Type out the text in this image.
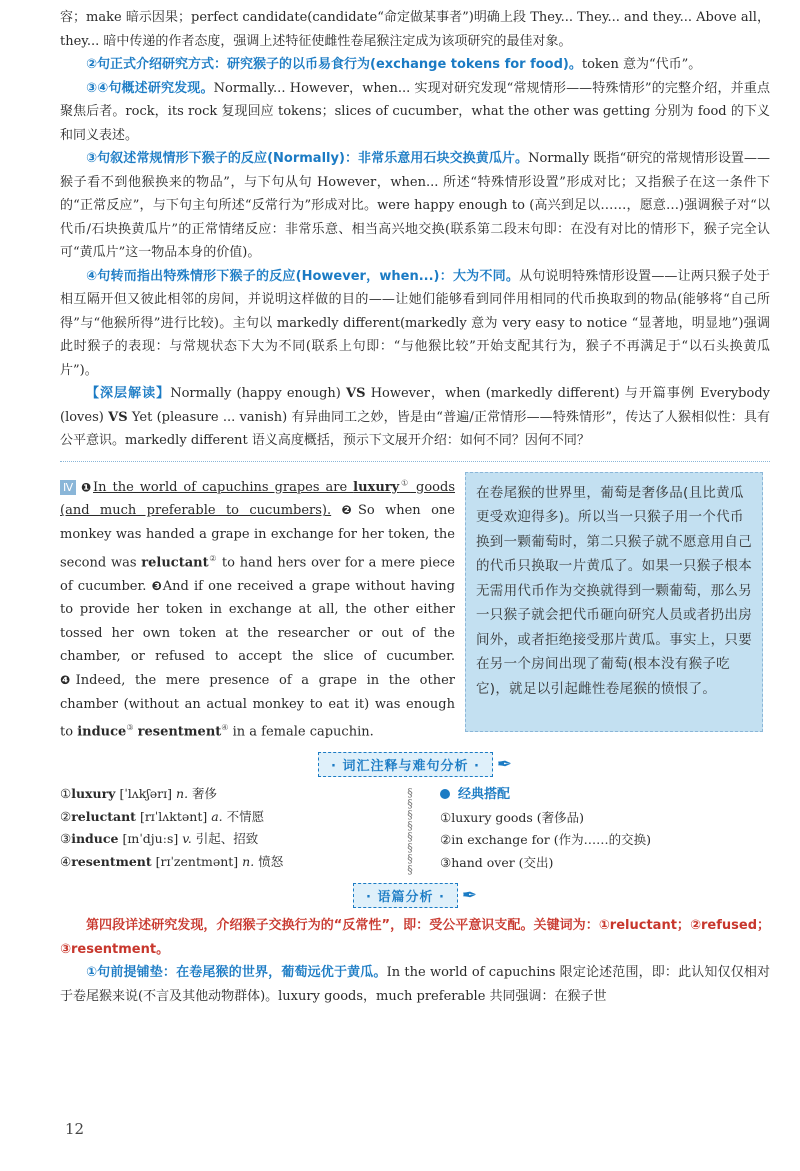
容；make 暗示因果；perfect candidate(candidate“命定做某事者”)明确上段 They... They... and they... Above all，they... 暗中传递的作者态度，强调上述特征使雌性卷尾猴注定成为该项研究的最佳对象。

②句正式介绍研究方式：研究猴子的以币易食行为(exchange tokens for food)。token 意为“代币”。

③④句概述研究发现。Normally... However，when... 实现对研究发现“常规情形——特殊情形”的完整介绍，并重点聚焦后者。rock，its rock 复现回应 tokens；slices of cucumber，what the other was getting 分别为 food 的下义和同义表述。

③句叙述常规情形下猴子的反应(Normally)：非常乐意用石块交换黄瓜片。Normally 既指“研究的常规情形设置——猴子看不到他猴换来的物品”，与下句从句 However，when... 所述“特殊情形设置”形成对比；又指猴子在这一条件下的“正常反应”，与下句主句所述“反常行为”形成对比。were happy enough to (高兴到足以……，愿意…)强调猴子对“以代币/石块换黄瓜片”的正常情绪反应：非常乐意、相当高兴地交换(联系第二段末句即：在没有对比的情形下，猴子完全认可“黄瓜片”这一物品本身的价值)。

④句转而指出特殊情形下猴子的反应(However，when...)：大为不同。从句说明特殊情形设置——让两只猴子处于相互隔开但又彼此相邻的房间，并说明这样做的目的——让她们能够看到同伴用相同的代币换取到的物品(能够将“自己所得”与“他猴所得”进行比较)。主句以 markedly different(markedly 意为 very easy to notice “显著地，明显地”)强调此时猴子的表现：与常规状态下大为不同(联系上句即：“与他猴比较”开始支配其行为，猴子不再满足于“以石头换黄瓜片”)。

【深层解读】Normally (happy enough) VS However，when (markedly different) 与开篇事例 Everybody (loves) VS Yet (pleasure ... vanish) 有异曲同工之妙，皆是由“普遍/正常情形——特殊情形”，传达了人猴相似性：具有公平意识。markedly different 语义高度概括，预示下文展开介绍：如何不同？因何不同？

Ⅳ ❶In the world of capuchins grapes are luxury① goods (and much preferable to cucumbers). ❷So when one monkey was handed a grape in exchange for her token, the second was reluctant② to hand hers over for a mere piece of cucumber. ❸And if one received a grape without having to provide her token in exchange at all, the other either tossed her own token at the researcher or out of the chamber, or refused to accept the slice of cucumber. ❹Indeed, the mere presence of a grape in the other chamber (without an actual monkey to eat it) was enough to induce③ resentment④ in a female capuchin.
在卷尾猴的世界里，葡萄是奢侈品(且比黄瓜更受欢迎得多)。所以当一只猴子用一个代币换到一颗葡萄时，第二只猴子就不愿意用自己的代币只换取一片黄瓜了。如果一只猴子根本无需用代币作为交换就得到一颗葡萄，那么另一只猴子就会把代币砸向研究人员或者扔出房间外，或者拒绝接受那片黄瓜。事实上，只要在另一个房间出现了葡萄(根本没有猴子吃它)，就足以引起雌性卷尾猴的愤恨了。
· 词汇注释与难句分析 · ✒
①luxury [ˈlʌkʃərɪ] n. 奢侈
②reluctant [rɪˈlʌktənt] a. 不情愿
③induce [ɪnˈdjuːs] v. 引起、招致
④resentment [rɪˈzentmənt] n. 愤怒
§
§
§
§
§
§
§
§
经典搭配
①luxury goods (奢侈品)
②in exchange for (作为……的交换)
③hand over (交出)
· 语篇分析 · ✒

第四段详述研究发现，介绍猴子交换行为的“反常性”，即：受公平意识支配。关键词为：①reluctant；②refused；③resentment。

①句前提铺垫：在卷尾猴的世界，葡萄远优于黄瓜。In the world of capuchins 限定论述范围，即：此认知仅仅相对于卷尾猴来说(不言及其他动物群体)。luxury goods，much preferable 共同强调：在猴子世

12
